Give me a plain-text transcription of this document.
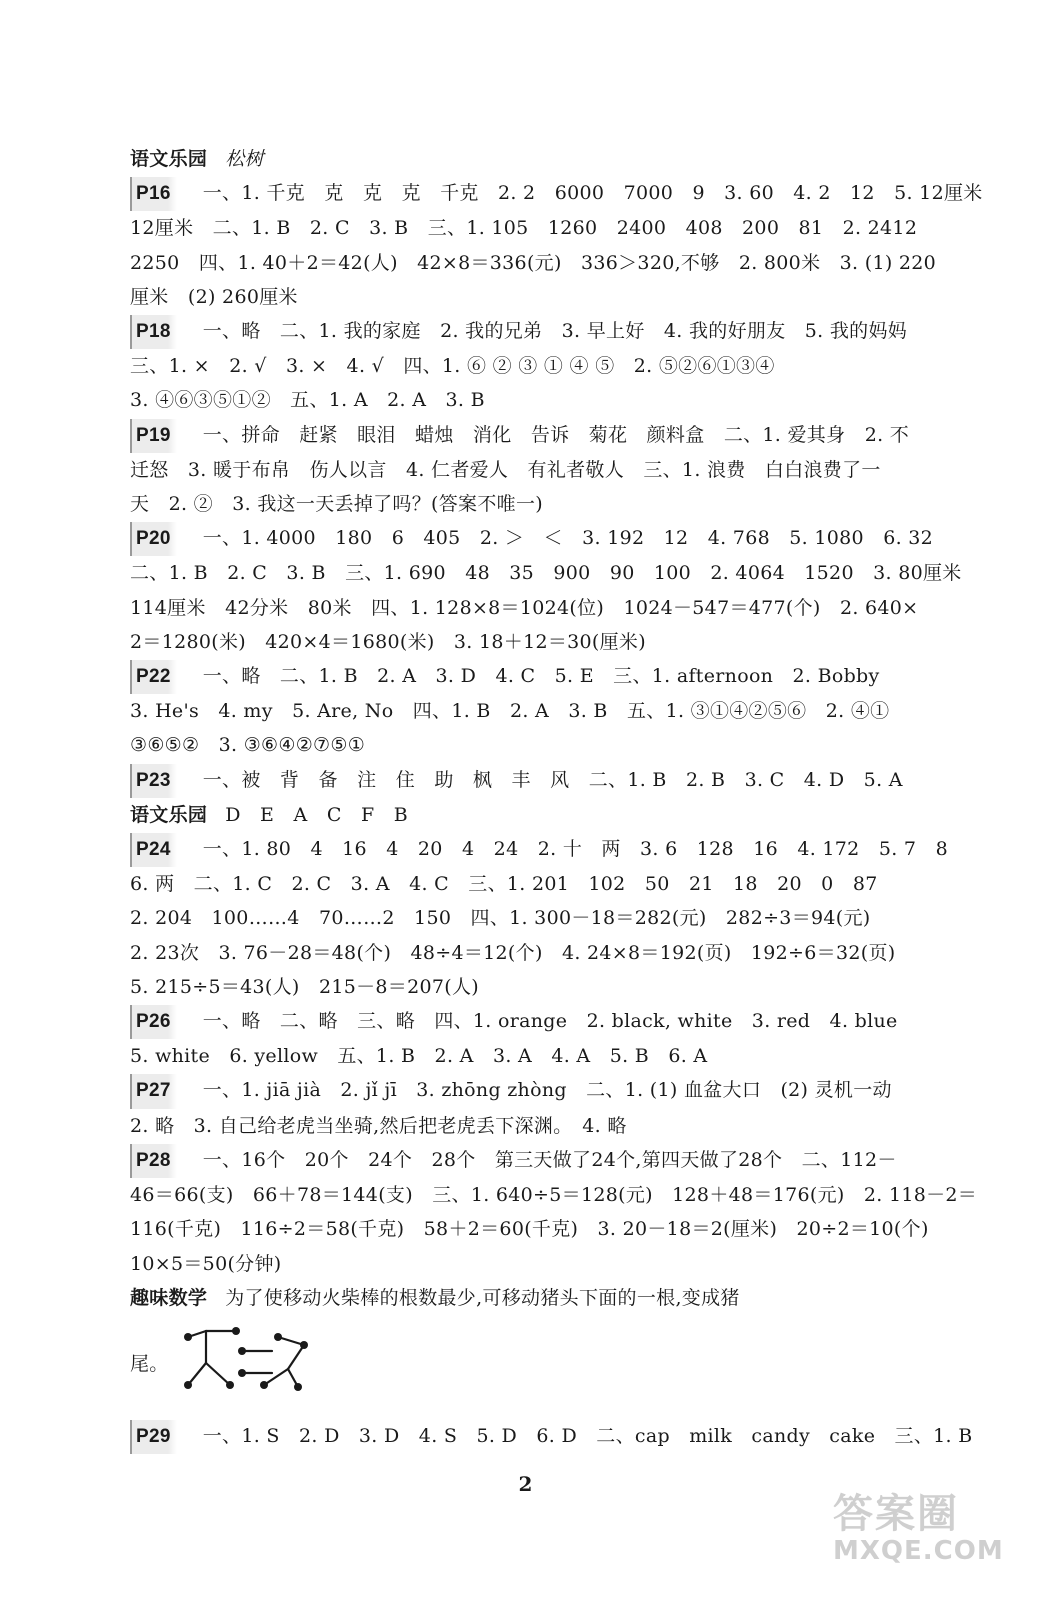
语文乐园 松树
P16 一、1. 千克　克　克　克　千克　2. 2　6000　7000　9　3. 60　4. 2　12　5. 12厘米
12厘米　二、1. B　2. C　3. B　三、1. 105　1260　2400　408　200　81　2. 2412
2250　四、1. 40＋2＝42(人)　42×8＝336(元)　336＞320,不够　2. 800米　3. (1) 220
厘米　(2) 260厘米
P18 一、略　二、1. 我的家庭　2. 我的兄弟　3. 早上好　4. 我的好朋友　5. 我的妈妈
三、1. ×　2. √　3. ×　4. √　四、1. ⑥ ② ③ ① ④ ⑤　2. ⑤②⑥①③④
3. ④⑥③⑤①②　五、1. A　2. A　3. B
P19 一、拼命　赶紧　眼泪　蜡烛　消化　告诉　菊花　颜料盒　二、1. 爱其身　2. 不
迁怒　3. 暖于布帛　伤人以言　4. 仁者爱人　有礼者敬人　三、1. 浪费　白白浪费了一
天　2. ②　3. 我这一天丢掉了吗？(答案不唯一)
P20 一、1. 4000　180　6　405　2. ＞　＜　3. 192　12　4. 768　5. 1080　6. 32
二、1. B　2. C　3. B　三、1. 690　48　35　900　90　100　2. 4064　1520　3. 80厘米
114厘米　42分米　80米　四、1. 128×8＝1024(位)　1024－547＝477(个)　2. 640×
2＝1280(米)　420×4＝1680(米)　3. 18＋12＝30(厘米)
P22 一、略　二、1. B　2. A　3. D　4. C　5. E　三、1. afternoon　2. Bobby
3. He's　4. my　5. Are, No　四、1. B　2. A　3. B　五、1. ③①④②⑤⑥　2. ④①
③⑥⑤②　3. ③⑥④②⑦⑤①
P23 一、被　背　备　注　住　助　枫　丰　风　二、1. B　2. B　3. C　4. D　5. A
语文乐园 D　E　A　C　F　B
P24 一、1. 80　4　16　4　20　4　24　2. 十　两　3. 6　128　16　4. 172　5. 7　8
6. 两　二、1. C　2. C　3. A　4. C　三、1. 201　102　50　21　18　20　0　87
2. 204　100……4　70……2　150　四、1. 300－18＝282(元)　282÷3＝94(元)
2. 23次　3. 76－28＝48(个)　48÷4＝12(个)　4. 24×8＝192(页)　192÷6＝32(页)
5. 215÷5＝43(人)　215－8＝207(人)
P26 一、略　二、略　三、略　四、1. orange　2. black, white　3. red　4. blue
5. white　6. yellow　五、1. B　2. A　3. A　4. A　5. B　6. A
P27 一、1. jiā jià　2. jǐ jī　3. zhōng zhòng　二、1. (1) 血盆大口　(2) 灵机一动
2. 略　3. 自己给老虎当坐骑,然后把老虎丢下深渊。　4. 略
P28 一、16个　20个　24个　28个　第三天做了24个,第四天做了28个　二、112－
46＝66(支)　66＋78＝144(支)　三、1. 640÷5＝128(元)　128＋48＝176(元)　2. 118－2＝
116(千克)　116÷2＝58(千克)　58＋2＝60(千克)　3. 20－18＝2(厘米)　20÷2＝10(个)
10×5＝50(分钟)
趣味数学 为了使移动火柴棒的根数最少,可移动猪头下面的一根,变成猪
尾。
P29 一、1. S　2. D　3. D　4. S　5. D　6. D　二、cap　milk　candy　cake　三、1. B
2
答案圈
MXQE.COM
